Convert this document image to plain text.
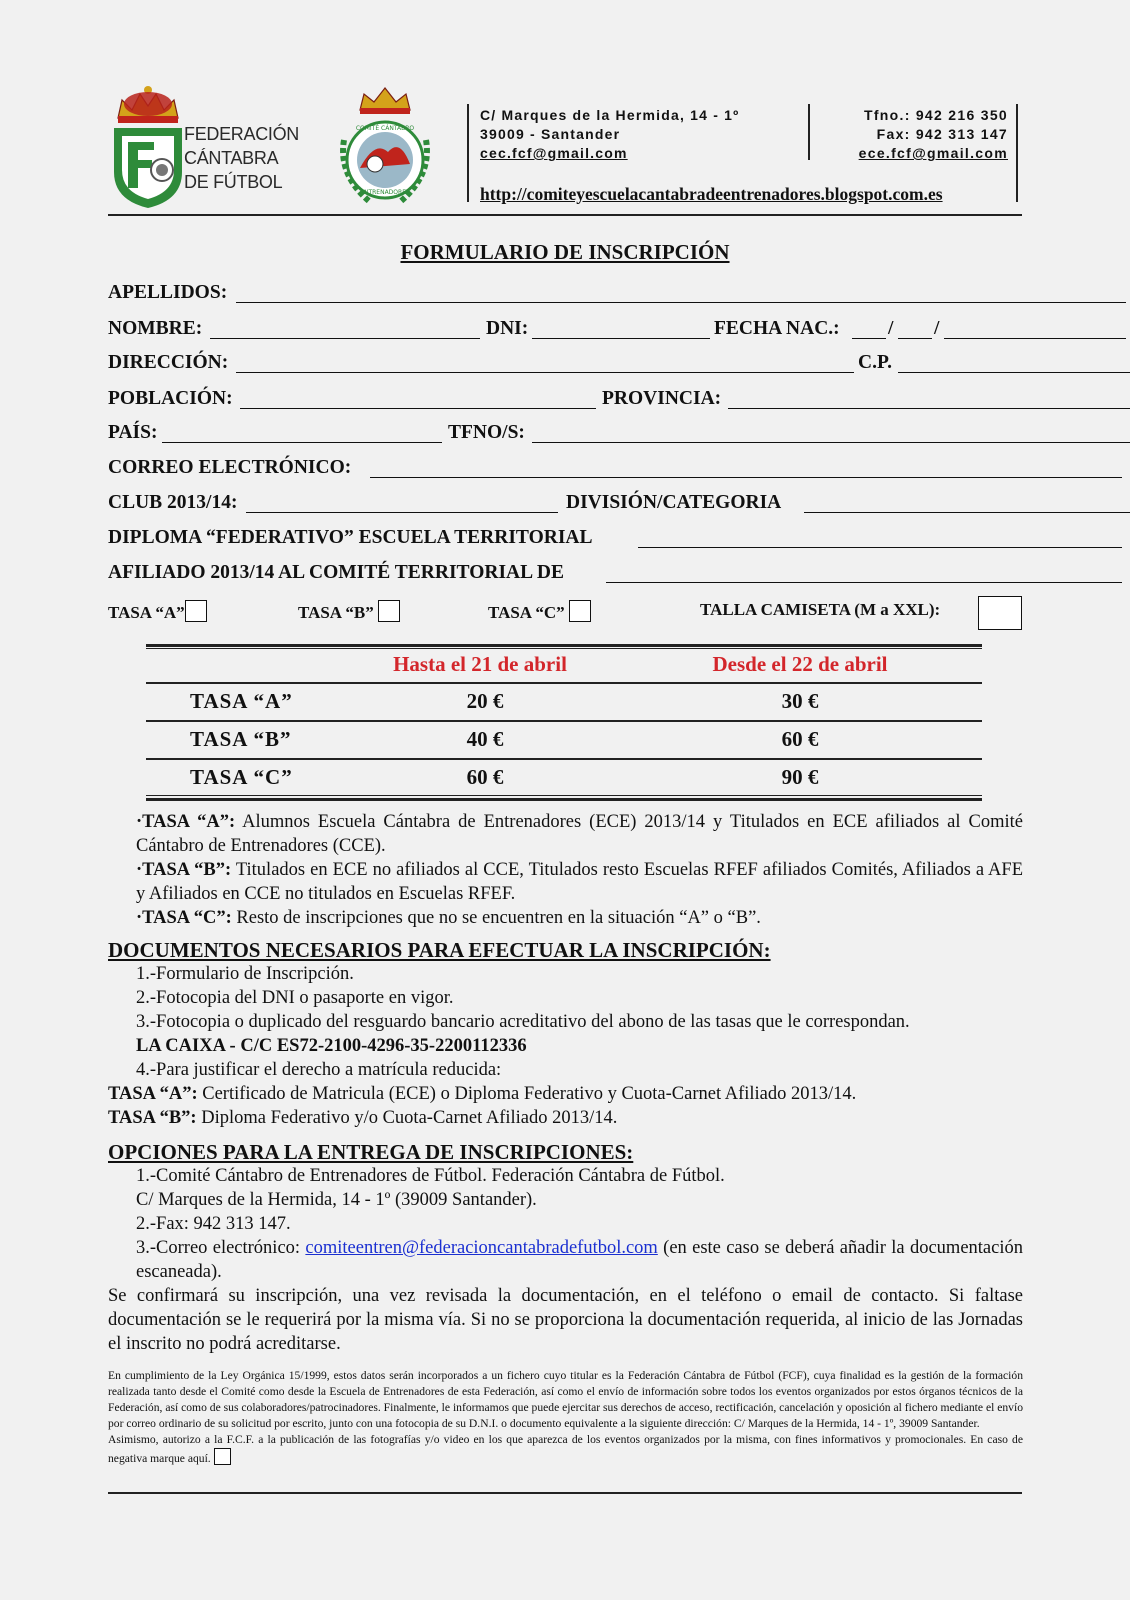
FEDERACIÓN
CÁNTABRA
DE FÚTBOL
COMITÉ CÁNTABRO
ENTRENADORES
C/ Marques de la Hermida, 14 - 1º
39009 - Santander
cec.fcf@gmail.com
Tfno.: 942 216 350
Fax: 942 313 147
ece.fcf@gmail.com
http://comiteyescuelacantabradeentrenadores.blogspot.com.es
FORMULARIO DE INSCRIPCIÓN
APELLIDOS:
NOMBRE:	DNI:	FECHA NAC.: / /
DIRECCIÓN:	C.P.
POBLACIÓN:	PROVINCIA:
PAÍS:	TFNO/S:
CORREO ELECTRÓNICO:
CLUB 2013/14:	DIVISIÓN/CATEGORIA
DIPLOMA “FEDERATIVO” ESCUELA TERRITORIAL
AFILIADO 2013/14 AL COMITÉ TERRITORIAL DE
TASA “A”	TASA “B”	TASA “C”	TALLA CAMISETA (M a XXL):
Hasta el 21 de abril	Desde el 22 de abril
TASA “A”	20 €	30 €
TASA “B”	40 €	60 €
TASA “C”	60 €	90 €

·TASA “A”: Alumnos Escuela Cántabra de Entrenadores (ECE) 2013/14 y Titulados en ECE afiliados al Comité Cántabro de Entrenadores (CCE).

·TASA “B”: Titulados en ECE no afiliados al CCE, Titulados resto Escuelas RFEF afiliados Comités, Afiliados a AFE y Afiliados en CCE no titulados en Escuelas RFEF.

·TASA “C”: Resto de inscripciones que no se encuentren en la situación “A” o “B”.

DOCUMENTOS NECESARIOS PARA EFECTUAR LA INSCRIPCIÓN:

1.-Formulario de Inscripción.

2.-Fotocopia del DNI o pasaporte en vigor.

3.-Fotocopia o duplicado del resguardo bancario acreditativo del abono de las tasas que le correspondan.

LA CAIXA - C/C ES72-2100-4296-35-2200112336

4.-Para justificar el derecho a matrícula reducida:

TASA “A”: Certificado de Matricula (ECE) o Diploma Federativo y Cuota-Carnet Afiliado 2013/14.

TASA “B”: Diploma Federativo y/o Cuota-Carnet Afiliado 2013/14.

OPCIONES PARA LA ENTREGA DE INSCRIPCIONES:

1.-Comité Cántabro de Entrenadores de Fútbol. Federación Cántabra de Fútbol.

C/ Marques de la Hermida, 14 - 1º (39009 Santander).

2.-Fax: 942 313 147.

3.-Correo electrónico: comiteentren@federacioncantabradefutbol.com (en este caso se deberá añadir la documentación escaneada).

Se confirmará su inscripción, una vez revisada la documentación, en el teléfono o email de contacto. Si faltase documentación se le requerirá por la misma vía. Si no se proporciona la documentación requerida, al inicio de las Jornadas el inscrito no podrá acreditarse.

En cumplimiento de la Ley Orgánica 15/1999, estos datos serán incorporados a un fichero cuyo titular es la Federación Cántabra de Fútbol (FCF), cuya finalidad es la gestión de la formación realizada tanto desde el Comité como desde la Escuela de Entrenadores de esta Federación, así como el envío de información sobre todos los eventos organizados por estos órganos técnicos de la Federación, así como de sus colaboradores/patrocinadores. Finalmente, le informamos que puede ejercitar sus derechos de acceso, rectificación, cancelación y oposición al fichero mediante el envío por correo ordinario de su solicitud por escrito, junto con una fotocopia de su D.N.I. o documento equivalente a la siguiente dirección: C/ Marques de la Hermida, 14 - 1º, 39009 Santander.
Asimismo, autorizo a la F.C.F. a la publicación de las fotografías y/o video en los que aparezca de los eventos organizados por la misma, con fines informativos y promocionales. En caso de negativa marque aquí.
